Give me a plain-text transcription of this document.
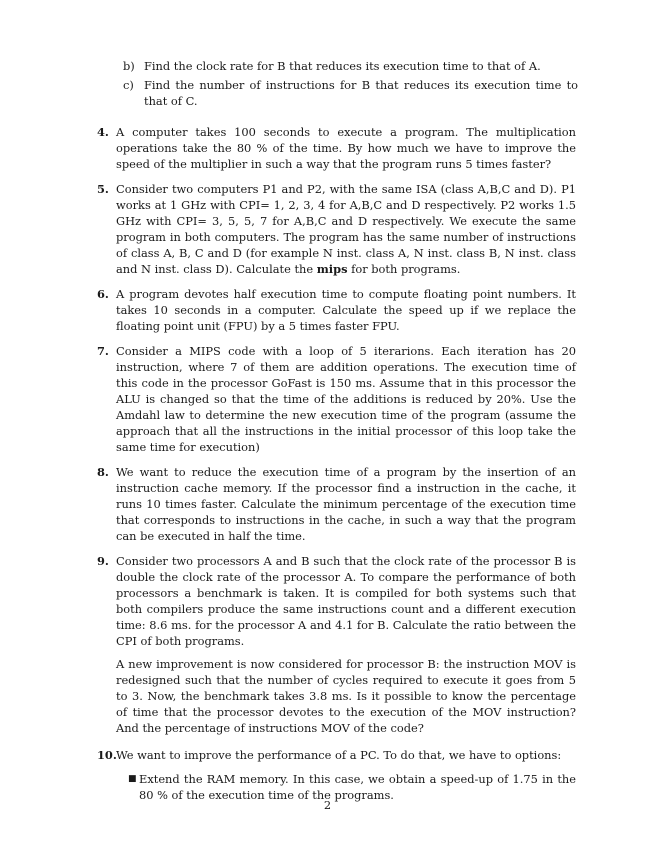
b) Find the clock rate for B that reduces its execution time to that of A.
c) Find the number of instructions for B that reduces its execution time to that of C.
4. A computer takes 100 seconds to execute a program. The multiplication operations take the 80 % of the time. By how much we have to improve the speed of the multiplier in such a way that the program runs 5 times faster?

5. Consider two computers P1 and P2, with the same ISA (class A,B,C and D). P1 works at 1 GHz with CPI= 1, 2, 3, 4 for A,B,C and D respectively. P2 works 1.5 GHz with CPI= 3, 5, 5, 7 for A,B,C and D respectively. We execute the same program in both computers. The program has the same number of instructions of class A, B, C and D (for example N inst. class A, N inst. class B, N inst. class and N inst. class D). Calculate the mips for both programs.

6. A program devotes half execution time to compute floating point numbers. It takes 10 seconds in a computer. Calculate the speed up if we replace the floating point unit (FPU) by a 5 times faster FPU.

7. Consider a MIPS code with a loop of 5 iterarions. Each iteration has 20 instruction, where 7 of them are addition operations. The execution time of this code in the processor GoFast is 150 ms. Assume that in this processor the ALU is changed so that the time of the additions is reduced by 20%. Use the Amdahl law to determine the new execution time of the program (assume the approach that all the instructions in the initial processor of this loop take the same time for execution)

8. We want to reduce the execution time of a program by the insertion of an instruction cache memory. If the processor find a instruction in the cache, it runs 10 times faster. Calculate the minimum percentage of the execution time that corresponds to instructions in the cache, in such a way that the program can be executed in half the time.

9. Consider two processors A and B such that the clock rate of the processor B is double the clock rate of the processor A. To compare the performance of both processors a benchmark is taken. It is compiled for both systems such that both compilers produce the same instructions count and a different execution time: 8.6 ms. for the processor A and 4.1 for B. Calculate the ratio between the CPI of both programs.

A new improvement is now considered for processor B: the instruction MOV is redesigned such that the number of cycles required to execute it goes from 5 to 3. Now, the benchmark takes 3.8 ms. Is it possible to know the percentage of time that the processor devotes to the execution of the MOV instruction? And the percentage of instructions MOV of the code?

10. We want to improve the performance of a PC. To do that, we have to options:

■ Extend the RAM memory. In this case, we obtain a speed-up of 1.75 in the 80 % of the execution time of the programs.
2
